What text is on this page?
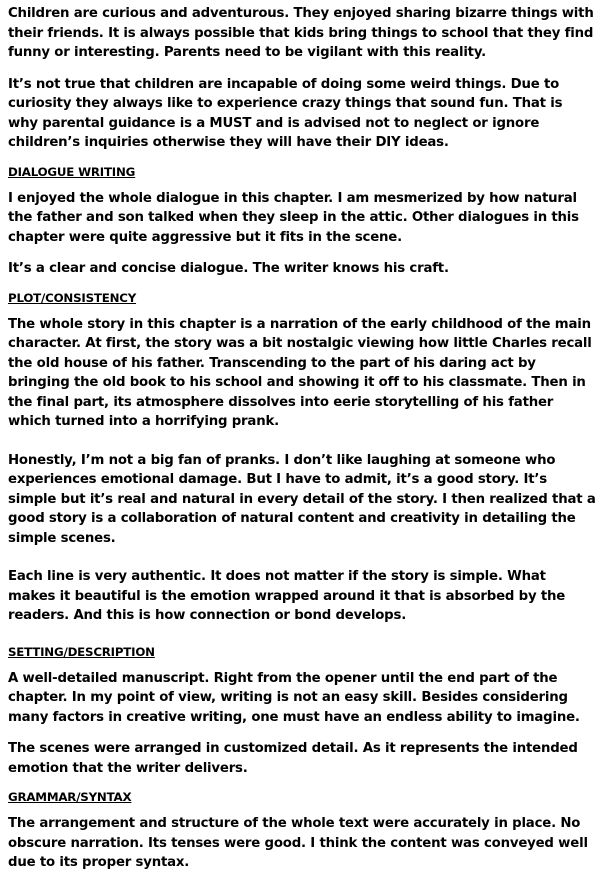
Children are curious and adventurous. They enjoyed sharing bizarre things with their friends. It is always possible that kids bring things to school that they find funny or interesting. Parents need to be vigilant with this reality.

It’s not true that children are incapable of doing some weird things. Due to curiosity they always like to experience crazy things that sound fun. That is why parental guidance is a MUST and is advised not to neglect or ignore children’s inquiries otherwise they will have their DIY ideas.

DIALOGUE WRITING

I enjoyed the whole dialogue in this chapter. I am mesmerized by how natural the father and son talked when they sleep in the attic. Other dialogues in this chapter were quite aggressive but it fits in the scene.

It’s a clear and concise dialogue. The writer knows his craft.

PLOT/CONSISTENCY

The whole story in this chapter is a narration of the early childhood of the main character. At first, the story was a bit nostalgic viewing how little Charles recall the old house of his father. Transcending to the part of his daring act by bringing the old book to his school and showing it off to his classmate. Then in the final part, its atmosphere dissolves into eerie storytelling of his father which turned into a horrifying prank.

Honestly, I’m not a big fan of pranks. I don’t like laughing at someone who experiences emotional damage. But I have to admit, it’s a good story. It’s simple but it’s real and natural in every detail of the story. I then realized that a good story is a collaboration of natural content and creativity in detailing the simple scenes.

Each line is very authentic. It does not matter if the story is simple. What makes it beautiful is the emotion wrapped around it that is absorbed by the readers. And this is how connection or bond develops.

SETTING/DESCRIPTION

A well-detailed manuscript. Right from the opener until the end part of the chapter. In my point of view, writing is not an easy skill. Besides considering many factors in creative writing, one must have an endless ability to imagine.

The scenes were arranged in customized detail. As it represents the intended emotion that the writer delivers.

GRAMMAR/SYNTAX

The arrangement and structure of the whole text were accurately in place. No obscure narration. Its tenses were good. I think the content was conveyed well due to its proper syntax.
